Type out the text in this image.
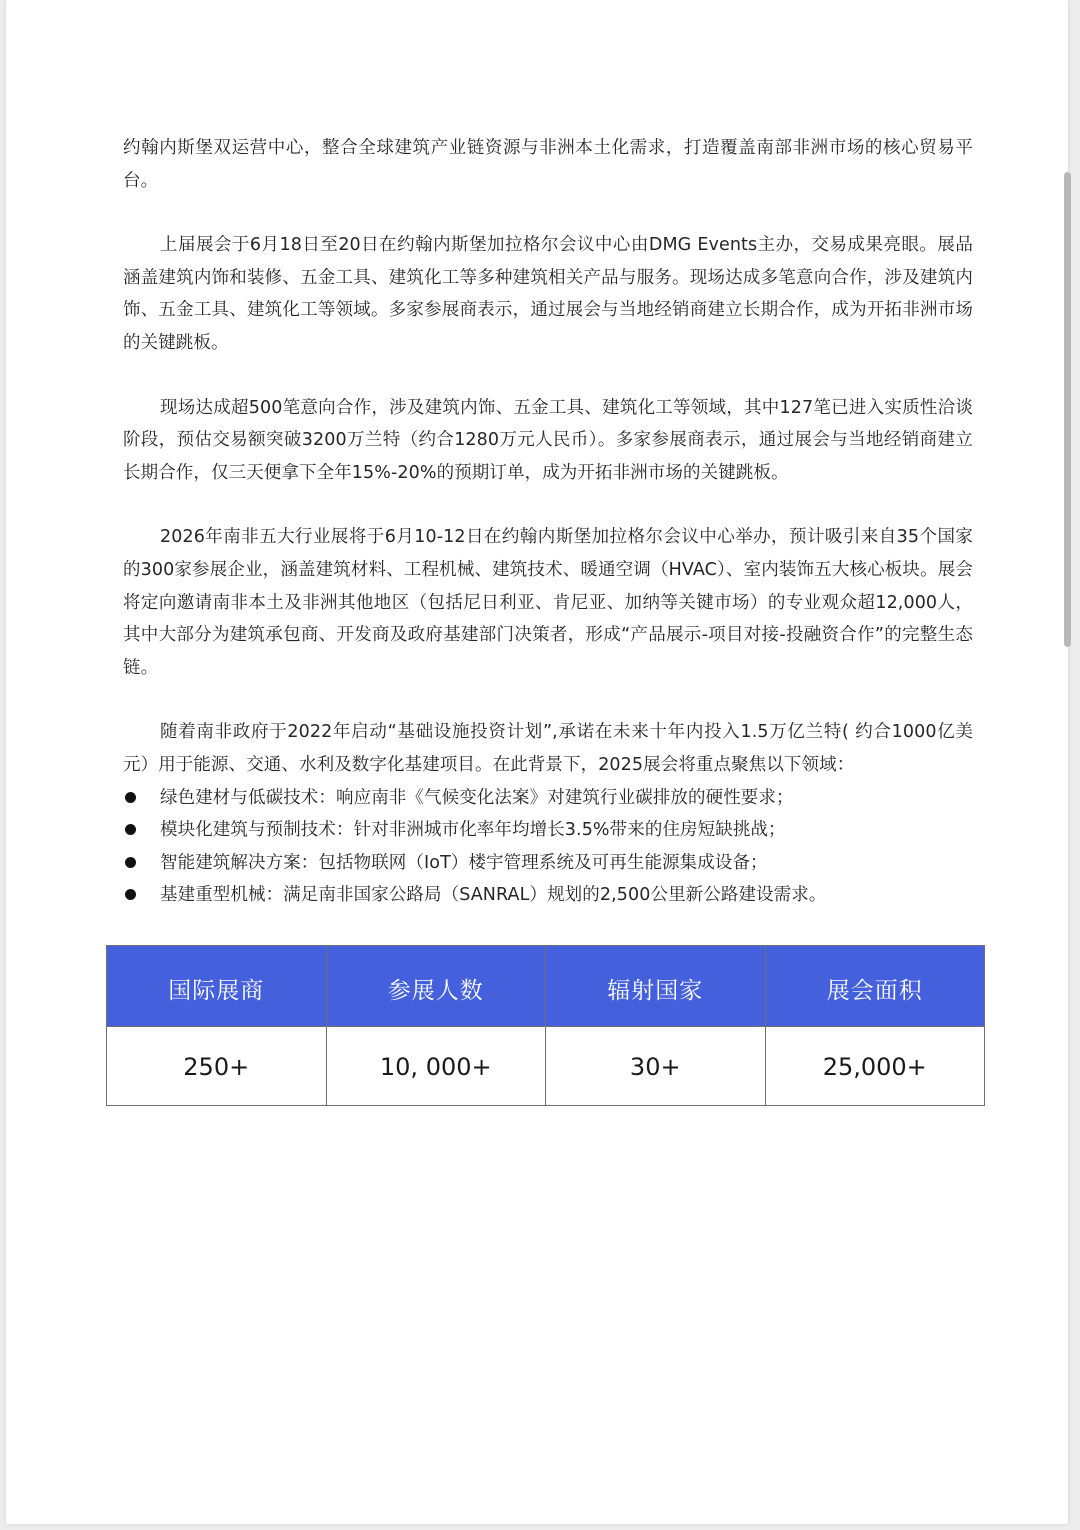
约翰内斯堡双运营中心，整合全球建筑产业链资源与非洲本土化需求，打造覆盖南部非洲市场的核心贸易平台。

上届展会于6月18日至20日在约翰内斯堡加拉格尔会议中心由DMG Events主办，交易成果亮眼。展品涵盖建筑内饰和装修、五金工具、建筑化工等多种建筑相关产品与服务。现场达成多笔意向合作，涉及建筑内饰、五金工具、建筑化工等领域。多家参展商表示，通过展会与当地经销商建立长期合作，成为开拓非洲市场的关键跳板。

现场达成超500笔意向合作，涉及建筑内饰、五金工具、建筑化工等领域，其中127笔已进入实质性洽谈阶段，预估交易额突破3200万兰特（约合1280万元人民币）。多家参展商表示，通过展会与当地经销商建立长期合作，仅三天便拿下全年15%-20%的预期订单，成为开拓非洲市场的关键跳板。

2026年南非五大行业展将于6月10-12日在约翰内斯堡加拉格尔会议中心举办，预计吸引来自35个国家的300家参展企业，涵盖建筑材料、工程机械、建筑技术、暖通空调（HVAC）、室内装饰五大核心板块。展会将定向邀请南非本土及非洲其他地区（包括尼日利亚、肯尼亚、加纳等关键市场）的专业观众超12,000人，其中大部分为建筑承包商、开发商及政府基建部门决策者，形成“产品展示-项目对接-投融资合作”的完整生态链。

随着南非政府于2022年启动“基础设施投资计划”,承诺在未来十年内投入1.5万亿兰特( 约合1000亿美元）用于能源、交通、水利及数字化基建项目。在此背景下，2025展会将重点聚焦以下领域：

绿色建材与低碳技术：响应南非《气候变化法案》对建筑行业碳排放的硬性要求；
模块化建筑与预制技术：针对非洲城市化率年均增长3.5%带来的住房短缺挑战；
智能建筑解决方案：包括物联网（IoT）楼宇管理系统及可再生能源集成设备；
基建重型机械：满足南非国家公路局（SANRAL）规划的2,500公里新公路建设需求。
国际展商	参展人数	辐射国家	展会面积
250+	10, 000+	30+	25,000+
